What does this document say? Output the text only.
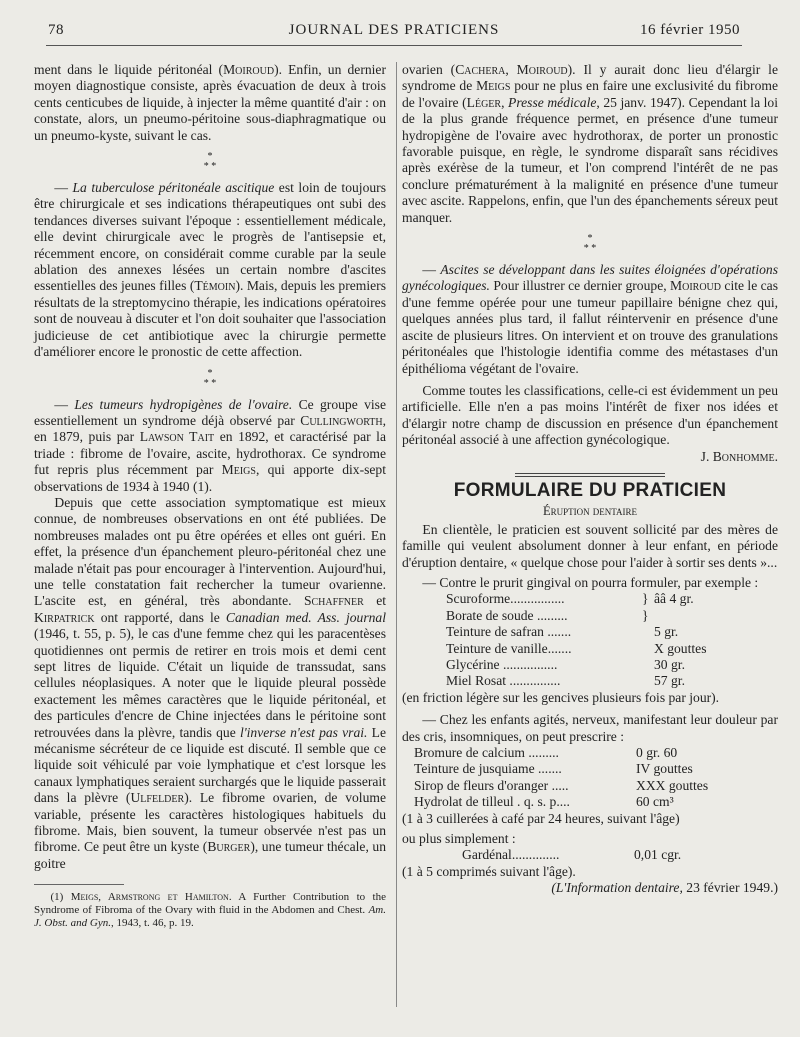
78	JOURNAL DES PRATICIENS	16 février 1950

ment dans le liquide péritonéal (Moiroud). Enfin, un dernier moyen diagnostique consiste, après évacuation de deux à trois cents centicubes de liquide, à injecter la même quantité d'air : on constate, alors, un pneumo-péritoine sous-diaphragmatique ou un pneumo-kyste, suivant le cas.

*
* *

— La tuberculose péritonéale ascitique est loin de toujours être chirurgicale et ses indications thérapeutiques ont subi des tendances diverses suivant l'époque : essentiellement médicale, elle devint chirurgicale avec le progrès de l'antisepsie et, récemment encore, on considérait comme curable par la seule ablation des annexes lésées un certain nombre d'ascites essentielles des jeunes filles (Témoin). Mais, depuis les premiers résultats de la streptomycino thérapie, les indications opératoires sont de nouveau à discuter et l'on doit souhaiter que l'association judicieuse de cet antibiotique avec la chirurgie permette d'améliorer encore le pronostic de cette affection.

*
* *

— Les tumeurs hydropigènes de l'ovaire. Ce groupe vise essentiellement un syndrome déjà observé par Cullingworth, en 1879, puis par Lawson Tait en 1892, et caractérisé par la triade : fibrome de l'ovaire, ascite, hydrothorax. Ce syndrome fut repris plus récemment par Meigs, qui apporte dix-sept observations de 1934 à 1940 (1).

Depuis que cette association symptomatique est mieux connue, de nombreuses observations en ont été publiées. De nombreuses malades ont pu être opérées et elles ont guéri. En effet, la présence d'un épanchement pleuro-péritonéal chez une malade n'était pas pour encourager à l'intervention. Aujourd'hui, une telle constatation fait rechercher la tumeur ovarienne. L'ascite est, en général, très abondante. Schaffner et Kirpatrick ont rapporté, dans le Canadian med. Ass. journal (1946, t. 55, p. 5), le cas d'une femme chez qui les paracentèses quotidiennes ont permis de retirer en trois mois et demi cent sept litres de liquide. C'était un liquide de transsudat, sans cellules néoplasiques. A noter que le liquide pleural possède exactement les mêmes caractères que le liquide péritonéal, et des particules d'encre de Chine injectées dans le péritoine sont retrouvées dans la plèvre, tandis que l'inverse n'est pas vrai. Le mécanisme sécréteur de ce liquide est discuté. Il semble que ce liquide soit véhiculé par voie lymphatique et c'est lorsque les canaux lymphatiques seraient surchargés que le liquide passerait dans la plèvre (Ulfelder). Le fibrome ovarien, de volume variable, présente les caractères histologiques habituels du fibrome. Mais, bien souvent, la tumeur observée n'est pas un fibrome. Ce peut être un kyste (Burger), une tumeur thécale, un goitre

(1) Meigs, Armstrong et Hamilton. A Further Contribution to the Syndrome of Fibroma of the Ovary with fluid in the Abdomen and Chest. Am. J. Obst. and Gyn., 1943, t. 46, p. 19.

ovarien (Cachera, Moiroud). Il y aurait donc lieu d'élargir le syndrome de Meigs pour ne plus en faire une exclusivité du fibrome de l'ovaire (Léger, Presse médicale, 25 janv. 1947). Cependant la loi de la plus grande fréquence permet, en présence d'une tumeur hydropigène de l'ovaire avec hydrothorax, de porter un pronostic favorable puisque, en règle, le syndrome disparaît sans récidives après exérèse de la tumeur, et l'on comprend l'intérêt de ne pas conclure prématurément à la malignité en présence d'une tumeur avec ascite. Rappelons, enfin, que l'un des épanchements séreux peut manquer.

*
* *

— Ascites se développant dans les suites éloignées d'opérations gynécologiques. Pour illustrer ce dernier groupe, Moiroud cite le cas d'une femme opérée pour une tumeur papillaire bénigne chez qui, quelques années plus tard, il fallut réintervenir en présence d'une ascite de plusieurs litres. On intervient et on trouve des granulations péritonéales que l'histologie identifia comme des métastases d'un épithélioma végétant de l'ovaire.

Comme toutes les classifications, celle-ci est évidemment un peu artificielle. Elle n'en a pas moins l'intérêt de fixer nos idées et d'élargir notre champ de discussion en présence d'un épanchement péritonéal associé à une affection gynécologique.

J. Bonhomme.

FORMULAIRE DU PRATICIEN
Éruption dentaire

En clientèle, le praticien est souvent sollicité par des mères de famille qui veulent absolument donner à leur enfant, en période d'éruption dentaire, « quelque chose pour l'aider à sortir ses dents »...

— Contre le prurit gingival on pourra formuler, par exemple :

Scuroforme................	}	ââ 4 gr.
Borate de soude .........	}	
Teinture de safran .......		5 gr.
Teinture de vanille.......		X gouttes
Glycérine ................		30 gr.
Miel Rosat ...............		57 gr.

(en friction légère sur les gencives plusieurs fois par jour).

— Chez les enfants agités, nerveux, manifestant leur douleur par des cris, insomniques, on peut prescrire :

Bromure de calcium .........	0 gr. 60
Teinture de jusquiame .......	IV gouttes
Sirop de fleurs d'oranger .....	XXX gouttes
Hydrolat de tilleul . q. s. p....	60 cm³

(1 à 3 cuillerées à café par 24 heures, suivant l'âge)

ou plus simplement :

Gardénal..............	0,01 cgr.

(1 à 5 comprimés suivant l'âge).

(L'Information dentaire, 23 février 1949.)
